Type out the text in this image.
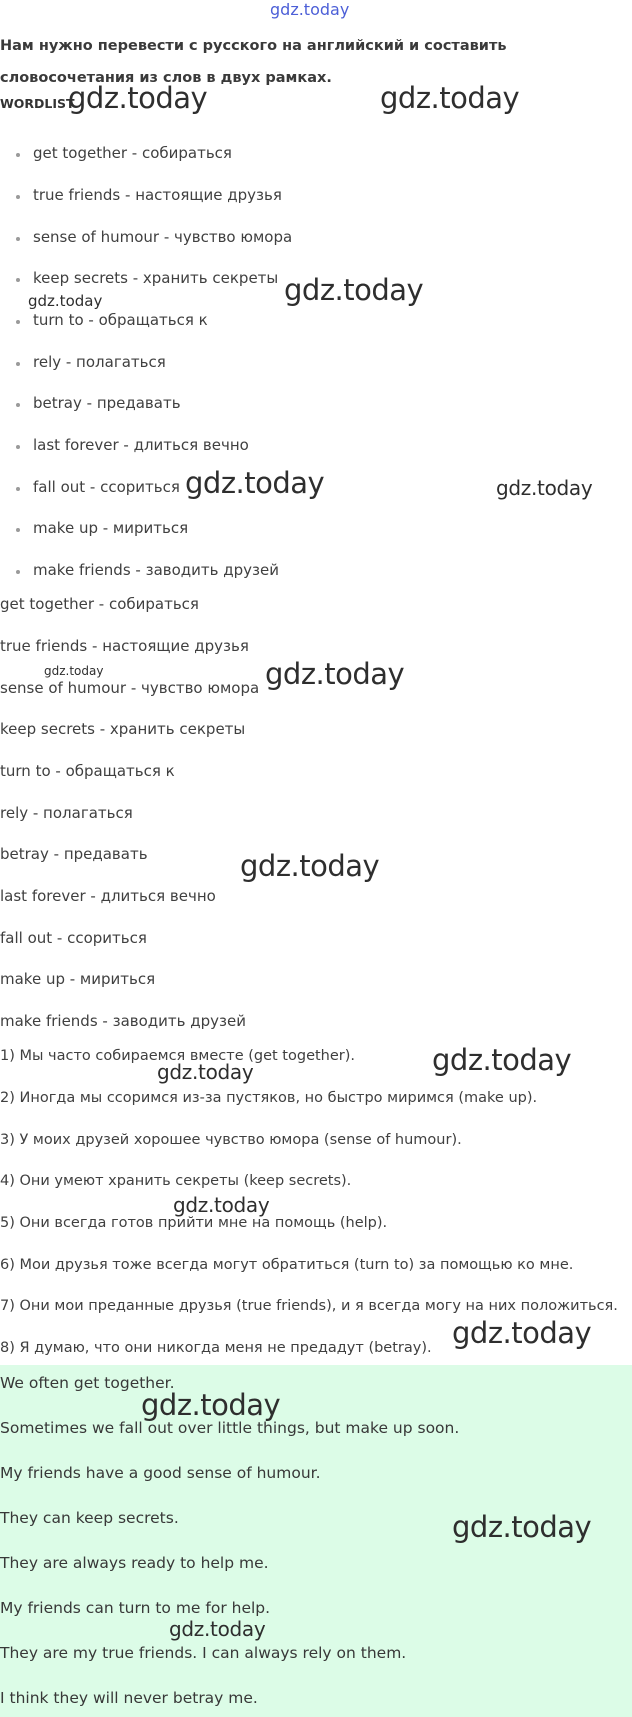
gdz.today
Нам нужно перевести с русского на английский и составить словосочетания из слов в двух рамках.
WORDLIST
get together - собираться
true friends - настоящие друзья
sense of humour - чувство юмора
keep secrets - хранить секреты
turn to - обращаться к
rely - полагаться
betray - предавать
last forever - длиться вечно
fall out - ссориться
make up - мириться
make friends - заводить друзей
get together - собираться
true friends - настоящие друзья
sense of humour - чувство юмора
keep secrets - хранить секреты
turn to - обращаться к
rely - полагаться
betray - предавать
last forever - длиться вечно
fall out - ссориться
make up - мириться
make friends - заводить друзей
1) Мы часто собираемся вместе (get together).
2) Иногда мы ссоримся из-за пустяков, но быстро миримся (make up).
3) У моих друзей хорошее чувство юмора (sense of humour).
4) Они умеют хранить секреты (keep secrets).
5) Они всегда готов прийти мне на помощь (help).
6) Мои друзья тоже всегда могут обратиться (turn to) за помощью ко мне.
7) Они мои преданные друзья (true friends), и я всегда могу на них положиться.
8) Я думаю, что они никогда меня не предадут (betray).
We often get together.
Sometimes we fall out over little things, but make up soon.
My friends have a good sense of humour.
They can keep secrets.
They are always ready to help me.
My friends can turn to me for help.
They are my true friends. I can always rely on them.
I think they will never betray me.
gdz.today	gdz.today
gdz.today
gdz.today
gdz.today	gdz.today
gdz.today	gdz.today
gdz.today
gdz.today
gdz.today
gdz.today
gdz.today
gdz.today
gdz.today
gdz.today
